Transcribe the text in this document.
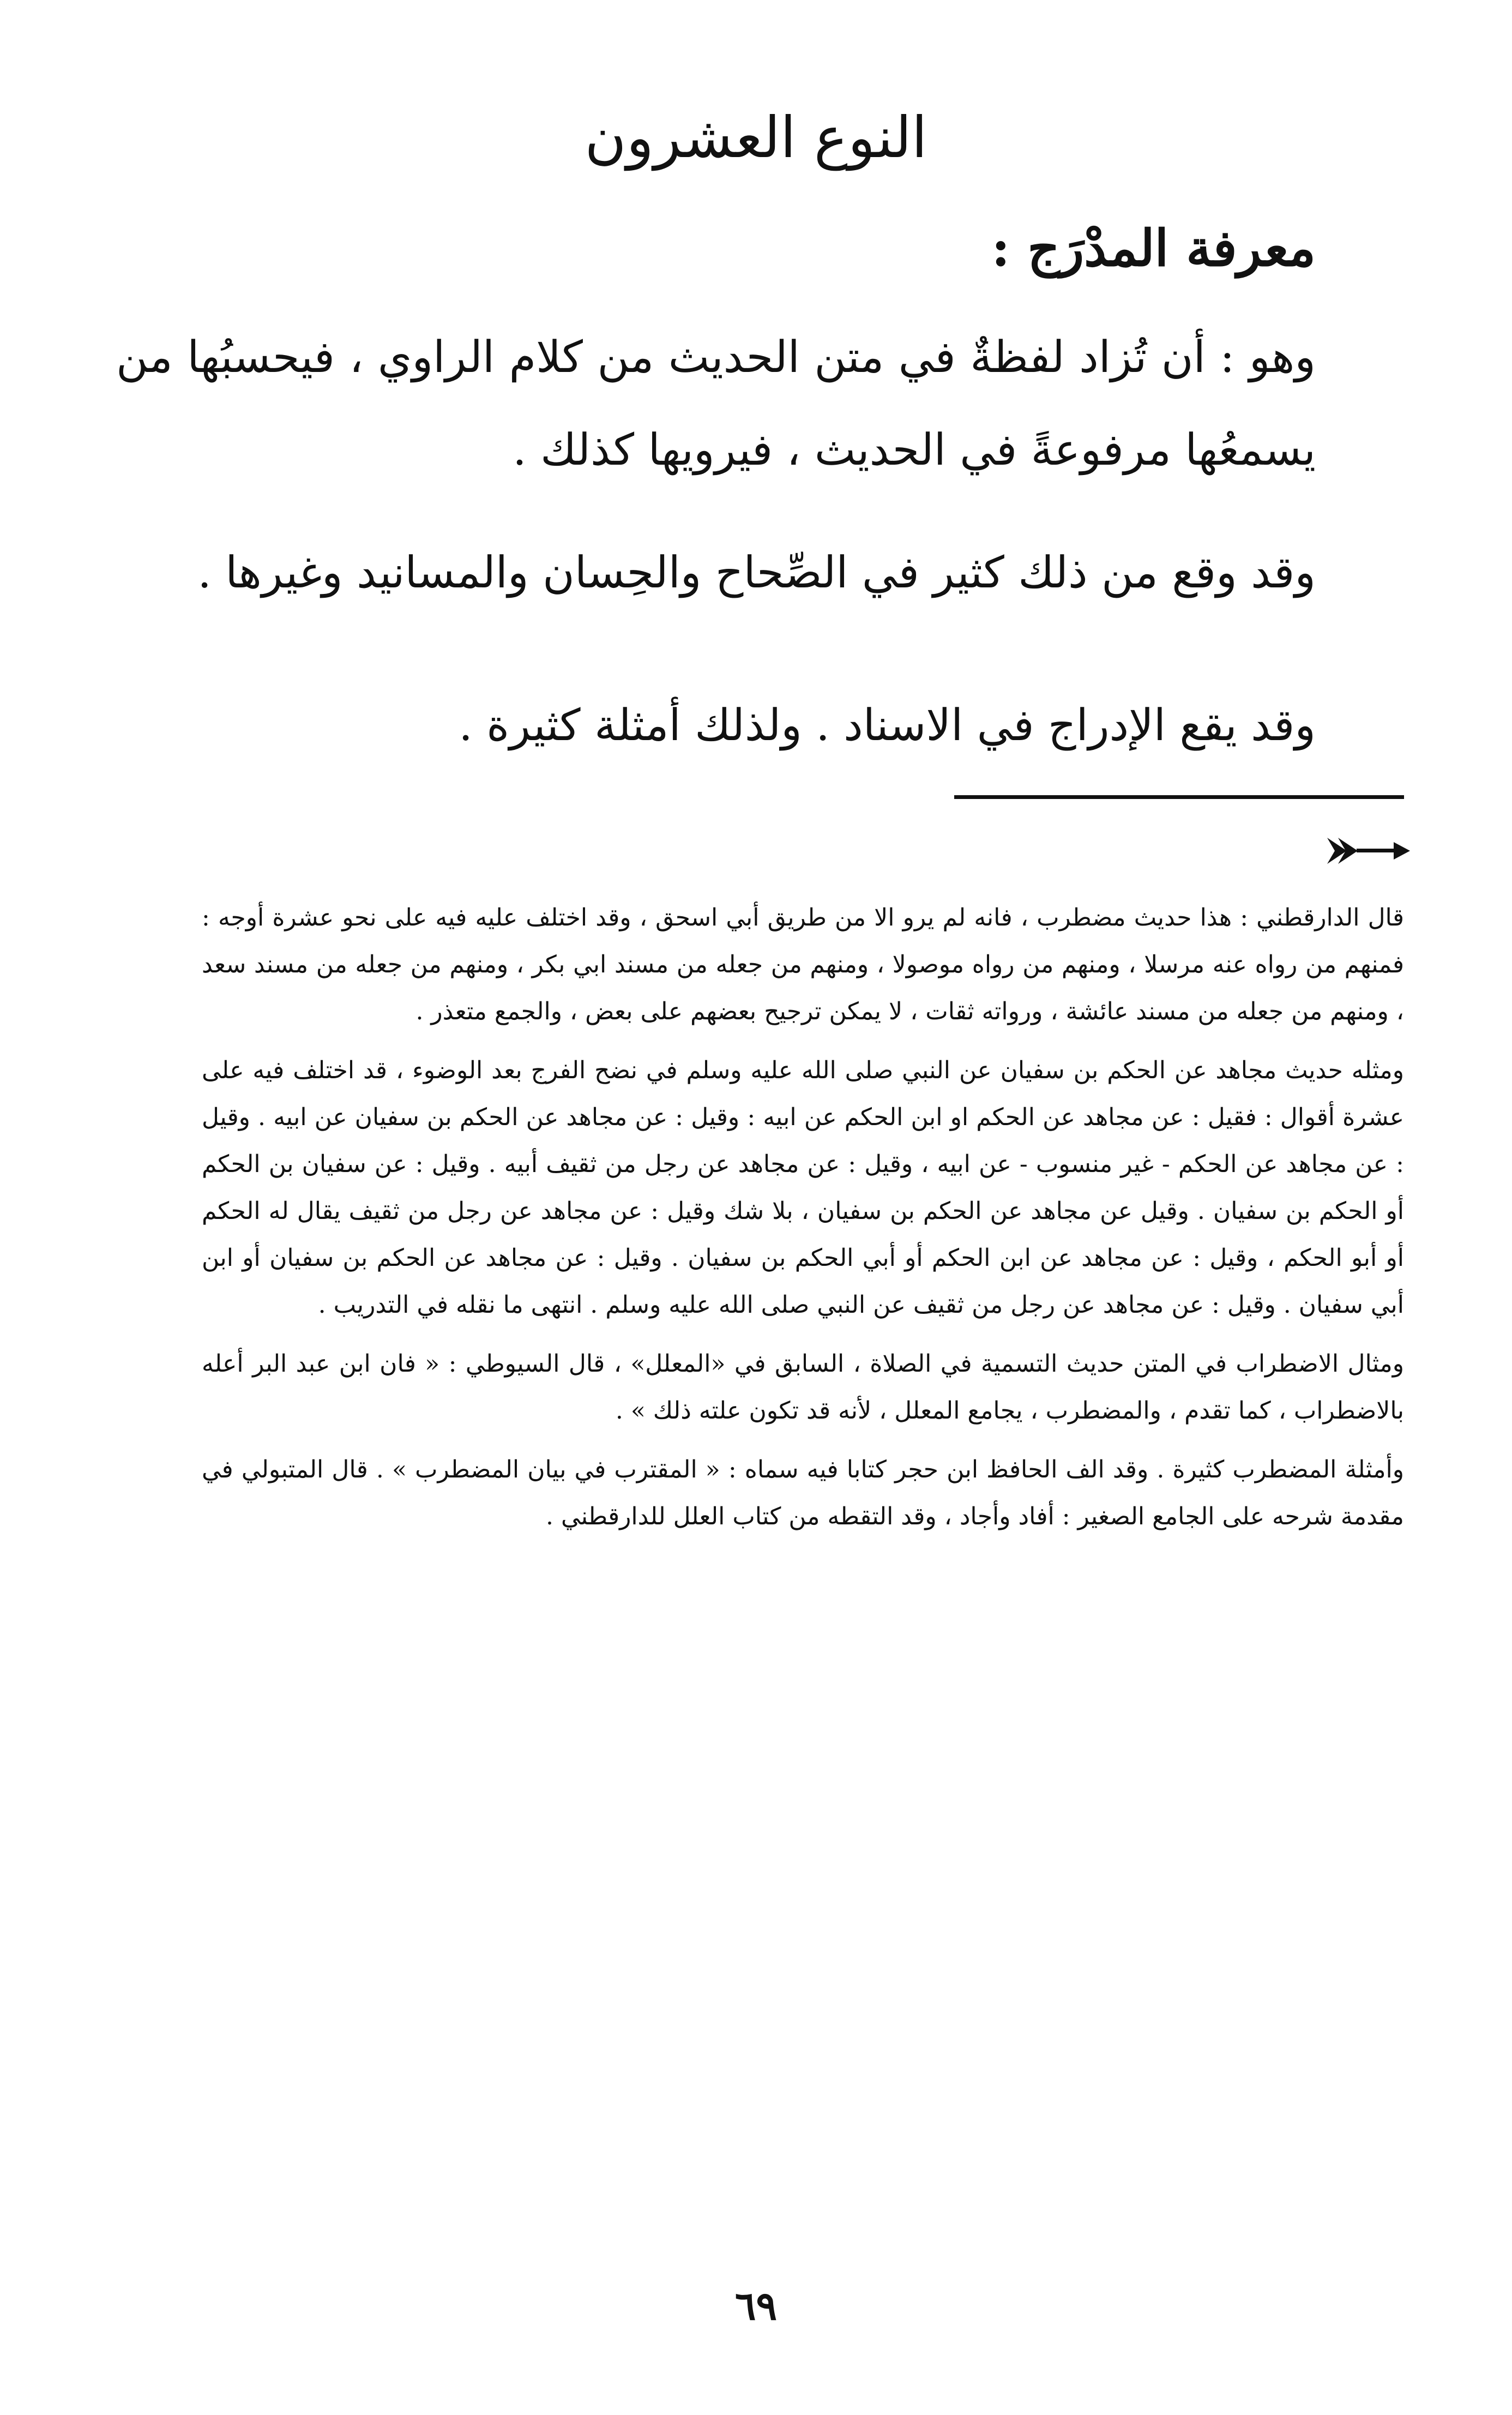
النوع العشرون
معرفة المدْرَج :

وهو : أن تُزاد لفظةٌ في متن الحديث من كلام الراوي ، فيحسبُها من يسمعُها مرفوعةً في الحديث ، فيرويها كذلك .

وقد وقع من ذلك كثير في الصِّحاح والحِسان والمسانيد وغيرها .

وقد يقع الإدراج في الاسناد . ولذلك أمثلة كثيرة .

قال الدارقطني : هذا حديث مضطرب ، فانه لم يرو الا من طريق أبي اسحق ، وقد اختلف عليه فيه على نحو عشرة أوجه : فمنهم من رواه عنه مرسلا ، ومنهم من رواه موصولا ، ومنهم من جعله من مسند ابي بكر ، ومنهم من جعله من مسند سعد ، ومنهم من جعله من مسند عائشة ، ورواته ثقات ، لا يمكن ترجيح بعضهم على بعض ، والجمع متعذر .

ومثله حديث مجاهد عن الحكم بن سفيان عن النبي صلى الله عليه وسلم في نضح الفرج بعد الوضوء ، قد اختلف فيه على عشرة أقوال : فقيل : عن مجاهد عن الحكم او ابن الحكم عن ابيه : وقيل : عن مجاهد عن الحكم بن سفيان عن ابيه . وقيل : عن مجاهد عن الحكم - غير منسوب - عن ابيه ، وقيل : عن مجاهد عن رجل من ثقيف أبيه . وقيل : عن سفيان بن الحكم أو الحكم بن سفيان . وقيل عن مجاهد عن الحكم بن سفيان ، بلا شك وقيل : عن مجاهد عن رجل من ثقيف يقال له الحكم أو أبو الحكم ، وقيل : عن مجاهد عن ابن الحكم أو أبي الحكم بن سفيان . وقيل : عن مجاهد عن الحكم بن سفيان أو ابن أبي سفيان . وقيل : عن مجاهد عن رجل من ثقيف عن النبي صلى الله عليه وسلم . انتهى ما نقله في التدريب .

ومثال الاضطراب في المتن حديث التسمية في الصلاة ، السابق في «المعلل» ، قال السيوطي : « فان ابن عبد البر أعله بالاضطراب ، كما تقدم ، والمضطرب ، يجامع المعلل ، لأنه قد تكون علته ذلك » .

وأمثلة المضطرب كثيرة . وقد الف الحافظ ابن حجر كتابا فيه سماه : « المقترب في بيان المضطرب » . قال المتبولي في مقدمة شرحه على الجامع الصغير : أفاد وأجاد ، وقد التقطه من كتاب العلل للدارقطني .

٦٩
